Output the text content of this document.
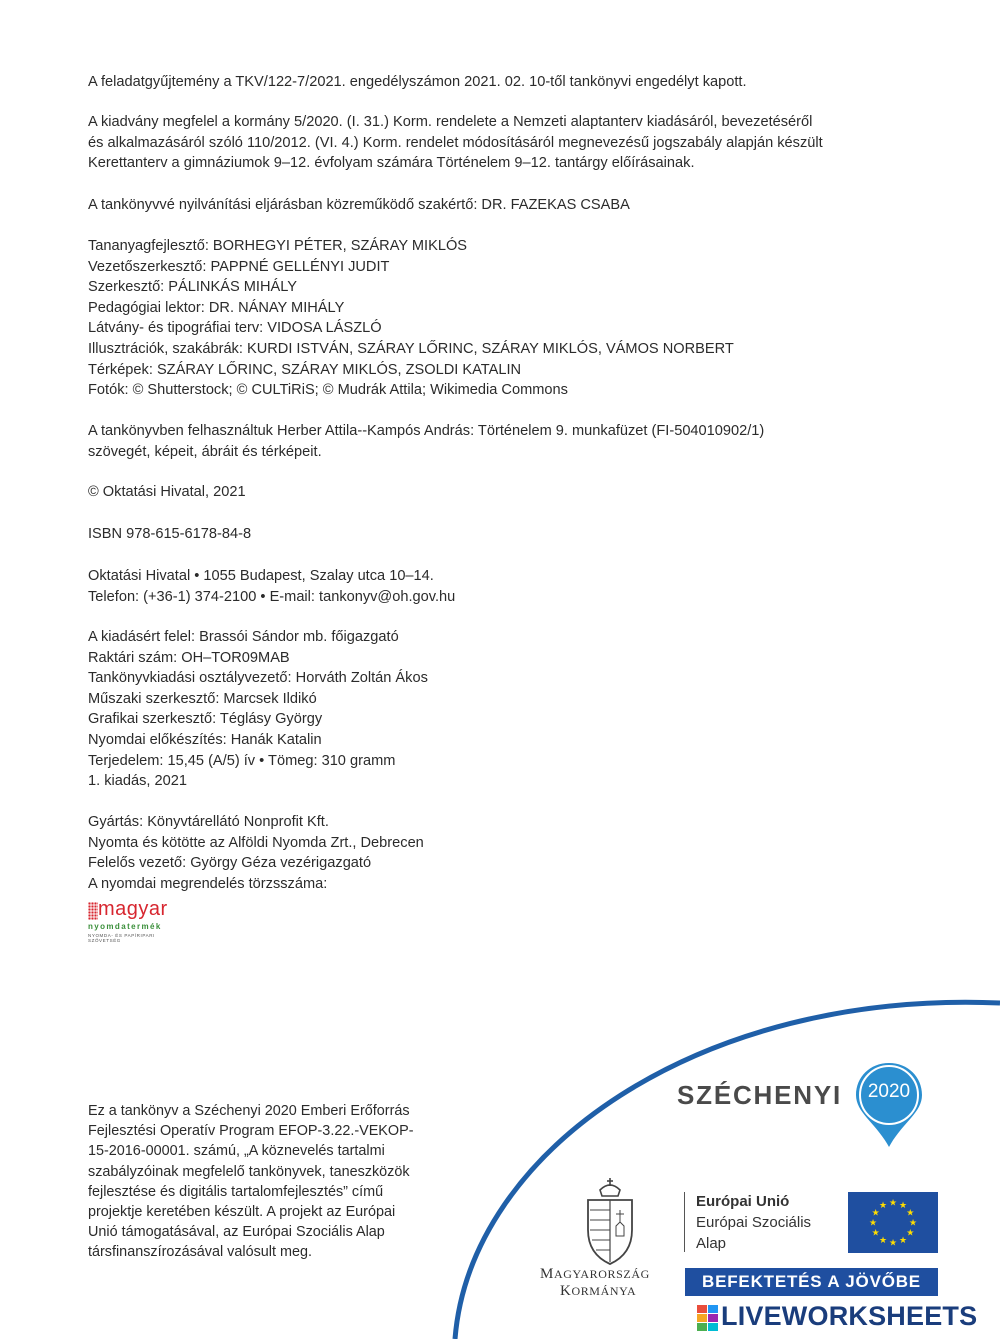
A feladatgyűjtemény a TKV/122-7/2021. engedélyszámon 2021. 02. 10-től tankönyvi engedélyt kapott.
A kiadvány megfelel a kormány 5/2020. (I. 31.) Korm. rendelete a Nemzeti alaptanterv kiadásáról, bevezetéséről
és alkalmazásáról szóló 110/2012. (VI. 4.) Korm. rendelet módosításáról megnevezésű jogszabály alapján készült
Kerettanterv a gimnáziumok 9–12. évfolyam számára Történelem 9–12. tantárgy előírásainak.
A tankönyvvé nyilvánítási eljárásban közreműködő szakértő: DR. FAZEKAS CSABA
Tananyagfejlesztő: BORHEGYI PÉTER, SZÁRAY MIKLÓS
Vezetőszerkesztő: PAPPNÉ GELLÉNYI JUDIT
Szerkesztő: PÁLINKÁS MIHÁLY
Pedagógiai lektor: DR. NÁNAY MIHÁLY
Látvány- és tipográfiai terv: VIDOSA LÁSZLÓ
Illusztrációk, szakábrák: KURDI ISTVÁN, SZÁRAY LŐRINC, SZÁRAY MIKLÓS, VÁMOS NORBERT
Térképek: SZÁRAY LŐRINC, SZÁRAY MIKLÓS, ZSOLDI KATALIN
Fotók: © Shutterstock; © CULTiRiS; © Mudrák Attila; Wikimedia Commons
A tankönyvben felhasználtuk Herber Attila--Kampós András: Történelem 9. munkafüzet (FI-504010902/1)
szövegét, képeit, ábráit és térképeit.
© Oktatási Hivatal, 2021
ISBN 978-615-6178-84-8
Oktatási Hivatal • 1055 Budapest, Szalay utca 10–14.
Telefon: (+36-1) 374-2100 • E-mail: tankonyv@oh.gov.hu
A kiadásért felel: Brassói Sándor mb. főigazgató
Raktári szám: OH–TOR09MAB
Tankönyvkiadási osztályvezető: Horváth Zoltán Ákos
Műszaki szerkesztő: Marcsek Ildikó
Grafikai szerkesztő: Téglásy György
Nyomdai előkészítés: Hanák Katalin
Terjedelem: 15,45 (A/5) ív • Tömeg: 310 gramm
1. kiadás, 2021
Gyártás: Könyvtárellátó Nonprofit Kft.
Nyomta és kötötte az Alföldi Nyomda Zrt., Debrecen
Felelős vezető: György Géza vezérigazgató
A nyomdai megrendelés törzsszáma:
magyar
nyomdatermék
NYOMDA- ÉS PAPÍRIPARI SZÖVETSÉG
Ez a tankönyv a Széchenyi 2020 Emberi Erőforrás
Fejlesztési Operatív Program EFOP-3.22.-VEKOP-
15-2016-00001. számú, „A köznevelés tartalmi
szabályzóinak megfelelő tankönyvek, taneszközök
fejlesztése és digitális tartalomfejlesztés” című
projektje keretében készült. A projekt az Európai
Unió támogatásával, az Európai Szociális Alap
társfinanszírozásával valósult meg.
SZÉCHENYI	2020
MAGYARORSZÁG
KORMÁNYA
Európai Unió
Európai Szociális
Alap
★ ★
★
★
★
★
★
★
★
★
★
★
BEFEKTETÉS A JÖVŐBE
LIVEWORKSHEETS
